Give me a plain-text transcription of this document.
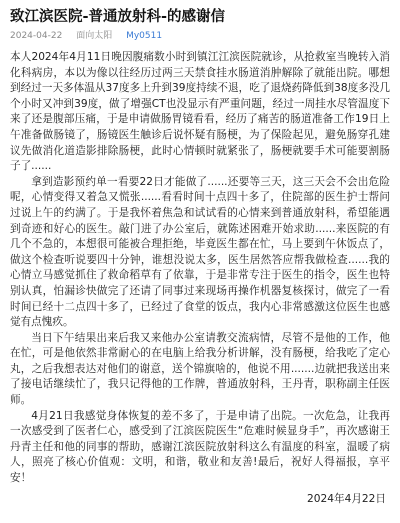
致江滨医院-普通放射科-的感谢信
2024-04-22 面向太阳 My0511

本人2024年4月11日晚因腹痛数小时到镇江江滨医院就诊，从抢救室当晚转入消化科病房，本以为像以往经历过两三天禁食挂水肠道消肿解除了就能出院。哪想到经过一天多体温从37度多上升到39度持续不退，吃了退烧药降低到38度多没几个小时又冲到39度，做了增强CT也没显示有严重问题，经过一周挂水尽管温度下来了还是腹部压痛，于是申请做肠胃镜看看，经历了痛苦的肠道准备工作19日上午准备做肠镜了，肠镜医生触诊后说怀疑有肠梗，为了保险起见，避免肠穿孔建议先做消化道造影排除肠梗，此时心情顿时就紧张了，肠梗就要手术可能要割肠子了......

拿到造影预约单一看要22日才能做了......还要等三天，这三天会不会出危险呢，心情变得又着急又慌张......看看时间十点四十多了，住院部的医生护士帮问过说上午的约满了。于是我怀着焦急和试试看的心情来到普通放射科，希望能遇到奇迹和好心的医生。敲门进了办公室后，就陈述困难开始求助......来医院的有几个不急的，本想很可能被合理拒绝，毕竟医生都在忙，马上要到午休饭点了，做这个检查听说要四十分钟，谁想没说太多，医生居然答应帮我做检查......我的心情立马感觉抓住了救命稻草有了依靠，于是非常专注于医生的指令，医生也特别认真，怕漏诊快做完了还请了同事过来现场再操作机器复核探讨，做完了一看时间已经十二点四十多了，已经过了食堂的饭点，我内心非常感激这位医生也感觉有点愧疚。

当日下午结果出来后我又来他办公室请教交流病情，尽管不是他的工作，他在忙，可是他依然非常耐心的在电脑上给我分析讲解，没有肠梗，给我吃了定心丸，之后我想表达对他们的谢意，送个锦旗啥的，他说不用.......边就把我送出来了接电话继续忙了，我只记得他的工作牌，普通放射科，王丹青，职称副主任医师。

4月21日我感觉身体恢复的差不多了，于是申请了出院。一次危急，让我再一次感受到了医者仁心，感受到了江滨医院医生“危难时候显身手”，再次感谢王丹青主任和他的同事的帮助，感谢江滨医院放射科这么有温度的科室，温暖了病人，照亮了核心价值观：文明，和谐，敬业和友善!最后，祝好人得福报，享平安！

2024年4月22日
